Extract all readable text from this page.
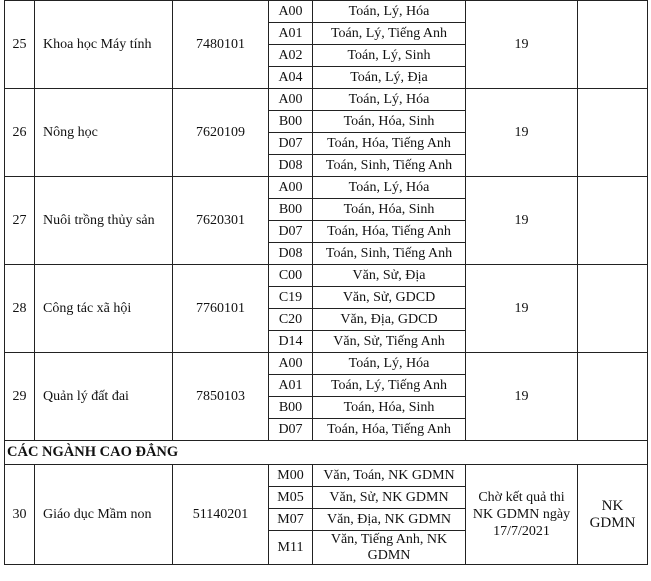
25	Khoa học Máy tính	7480101	A00	Toán, Lý, Hóa	19	
			A01	Toán, Lý, Tiếng Anh		
			A02	Toán, Lý, Sinh		
			A04	Toán, Lý, Địa		
26	Nông học	7620109	A00	Toán, Lý, Hóa	19	
			B00	Toán, Hóa, Sinh		
			D07	Toán, Hóa, Tiếng Anh		
			D08	Toán, Sinh, Tiếng Anh		
27	Nuôi trồng thủy sản	7620301	A00	Toán, Lý, Hóa	19	
			B00	Toán, Hóa, Sinh		
			D07	Toán, Hóa, Tiếng Anh		
			D08	Toán, Sinh, Tiếng Anh		
28	Công tác xã hội	7760101	C00	Văn, Sử, Địa	19	
			C19	Văn, Sử, GDCD		
			C20	Văn, Địa, GDCD		
			D14	Văn, Sử, Tiếng Anh		
29	Quản lý đất đai	7850103	A00	Toán, Lý, Hóa	19	
			A01	Toán, Lý, Tiếng Anh		
			B00	Toán, Hóa, Sinh		
			D07	Toán, Hóa, Tiếng Anh		
CÁC NGÀNH CAO ĐẲNG						
30	Giáo dục Mầm non	51140201	M00	Văn, Toán, NK GDMN	Chờ kết quả thi NK GDMN ngày 17/7/2021	NK GDMN
			M05	Văn, Sử, NK GDMN		
			M07	Văn, Địa, NK GDMN		
			M11	Văn, Tiếng Anh, NK GDMN		
